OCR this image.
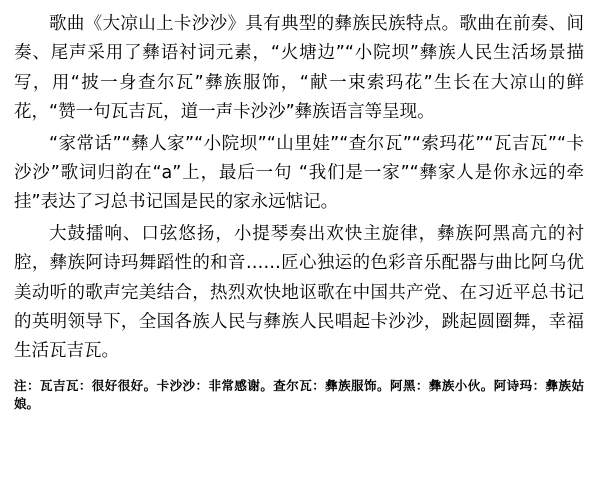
歌曲《大凉山上卡沙沙》具有典型的彝族民族特点。歌曲在前奏、间奏、尾声采用了彝语衬词元素，“火塘边”“小院坝”彝族人民生活场景描写，用“披一身查尔瓦”彝族服饰，“献一束索玛花”生长在大凉山的鲜花，“赞一句瓦吉瓦，道一声卡沙沙”彝族语言等呈现。

“家常话”“彝人家”“小院坝”“山里娃”“查尔瓦”“索玛花”“瓦吉瓦”“卡沙沙”歌词归韵在“a”上，最后一句 “我们是一家”“彝家人是你永远的牵挂”表达了习总书记国是民的家永远惦记。

大鼓擂响、口弦悠扬，小提琴奏出欢快主旋律，彝族阿黑高亢的衬腔，彝族阿诗玛舞蹈性的和音……匠心独运的色彩音乐配器与曲比阿乌优美动听的歌声完美结合，热烈欢快地讴歌在中国共产党、在习近平总书记的英明领导下，全国各族人民与彝族人民唱起卡沙沙，跳起圆圈舞，幸福生活瓦吉瓦。

注：瓦吉瓦：很好很好。卡沙沙：非常感谢。查尔瓦：彝族服饰。阿黑：彝族小伙。阿诗玛：彝族姑娘。
